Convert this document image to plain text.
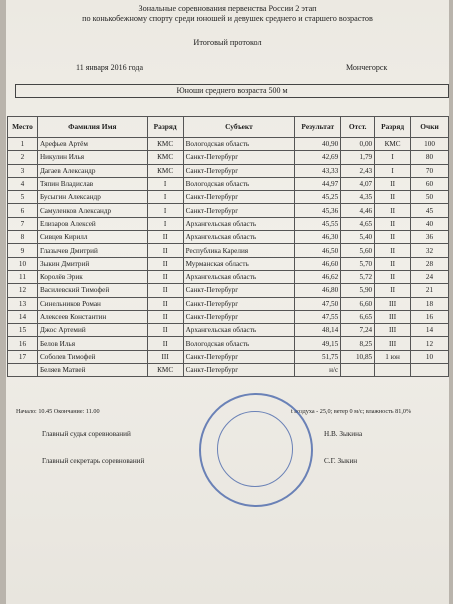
Зональные соревнования первенства России 2 этап
по конькобежному спорту среди юношей и девушек среднего и старшего возрастов
Итоговый протокол
11 января 2016 года	Мончегорск
Юноши среднего возраста 500 м
Место	Фамилия Имя	Разряд	Субъект	Результат	Отст.	Разряд	Очки
1	Арефьев Артём	КМС	Вологодская область	40,90	0,00	КМС	100
2	Никулин Илья	КМС	Санкт-Петербург	42,69	1,79	I	80
3	Дагаев Александр	КМС	Санкт-Петербург	43,33	2,43	I	70
4	Тяпин Владислав	I	Вологодская область	44,97	4,07	II	60
5	Бусыгин Александр	I	Санкт-Петербург	45,25	4,35	II	50
6	Самуленков Александр	I	Санкт-Петербург	45,36	4,46	II	45
7	Елизаров Алексей	I	Архангельская область	45,55	4,65	II	40
8	Сивцев Кирилл	II	Архангельская область	46,30	5,40	II	36
9	Глазычев Дмитрий	II	Республика Карелия	46,50	5,60	II	32
10	Зыкин Дмитрий	II	Мурманская область	46,60	5,70	II	28
11	Королёв Эрик	II	Архангельская область	46,62	5,72	II	24
12	Василевский Тимофей	II	Санкт-Петербург	46,80	5,90	II	21
13	Синельников Роман	II	Санкт-Петербург	47,50	6,60	III	18
14	Алексеев Константин	II	Санкт-Петербург	47,55	6,65	III	16
15	Джос Артемий	II	Архангельская область	48,14	7,24	III	14
16	Белов Илья	II	Вологодская область	49,15	8,25	III	12
17	Соболев Тимофей	III	Санкт-Петербург	51,75	10,85	1 юн	10
	Беляев Матвей	КМС	Санкт-Петербург	н/с			
Начало: 10.45 Окончание: 11.00	t воздуха - 25,0; ветер 0 м/с; влажность 81,0%
Главный судья соревнований	Н.В. Зыкина
Главный секретарь соревнований	С.Г. Зыкин
